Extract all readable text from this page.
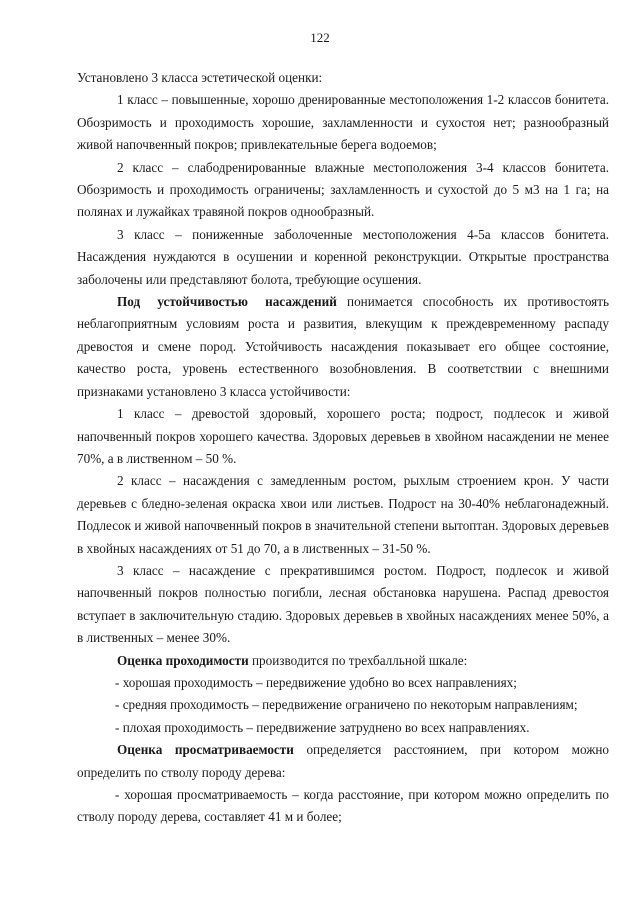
122

Установлено 3 класса эстетической оценки:

1 класс – повышенные, хорошо дренированные местоположения 1-2 классов бонитета. Обозримость и проходимость хорошие, захламленности и сухостоя нет; разнообразный живой напочвенный покров; привлекательные берега водоемов;

2 класс – слабодренированные влажные местоположения 3-4 классов бонитета. Обозримость и проходимость ограничены; захламленность и сухостой до 5 м3 на 1 га; на полянах и лужайках травяной покров однообразный.

3 класс – пониженные заболоченные местоположения 4-5а классов бонитета. Насаждения нуждаются в осушении и коренной реконструкции. Открытые пространства заболочены или представляют болота, требующие осушения.

Под устойчивостью насаждений понимается способность их противостоять неблагоприятным условиям роста и развития, влекущим к преждевременному распаду древостоя и смене пород. Устойчивость насаждения показывает его общее состояние, качество роста, уровень естественного возобновления. В соответствии с внешними признаками установлено 3 класса устойчивости:

1 класс – древостой здоровый, хорошего роста; подрост, подлесок и живой напочвенный покров хорошего качества. Здоровых деревьев в хвойном насаждении не менее 70%, а в лиственном – 50 %.

2 класс – насаждения с замедленным ростом, рыхлым строением крон. У части деревьев с бледно-зеленая окраска хвои или листьев. Подрост на 30-40% неблагонадежный. Подлесок и живой напочвенный покров в значительной степени вытоптан. Здоровых деревьев в хвойных насаждениях от 51 до 70, а в лиственных – 31-50 %.

3 класс – насаждение с прекратившимся ростом. Подрост, подлесок и живой напочвенный покров полностью погибли, лесная обстановка нарушена. Распад древостоя вступает в заключительную стадию. Здоровых деревьев в хвойных насаждениях менее 50%, а в лиственных – менее 30%.

Оценка проходимости производится по трехбалльной шкале:

- хорошая проходимость – передвижение удобно во всех направлениях;

- средняя проходимость – передвижение ограничено по некоторым направлениям;

- плохая проходимость – передвижение затруднено во всех направлениях.

Оценка просматриваемости определяется расстоянием, при котором можно определить по стволу породу дерева:

- хорошая просматриваемость – когда расстояние, при котором можно определить по стволу породу дерева, составляет 41 м и более;
